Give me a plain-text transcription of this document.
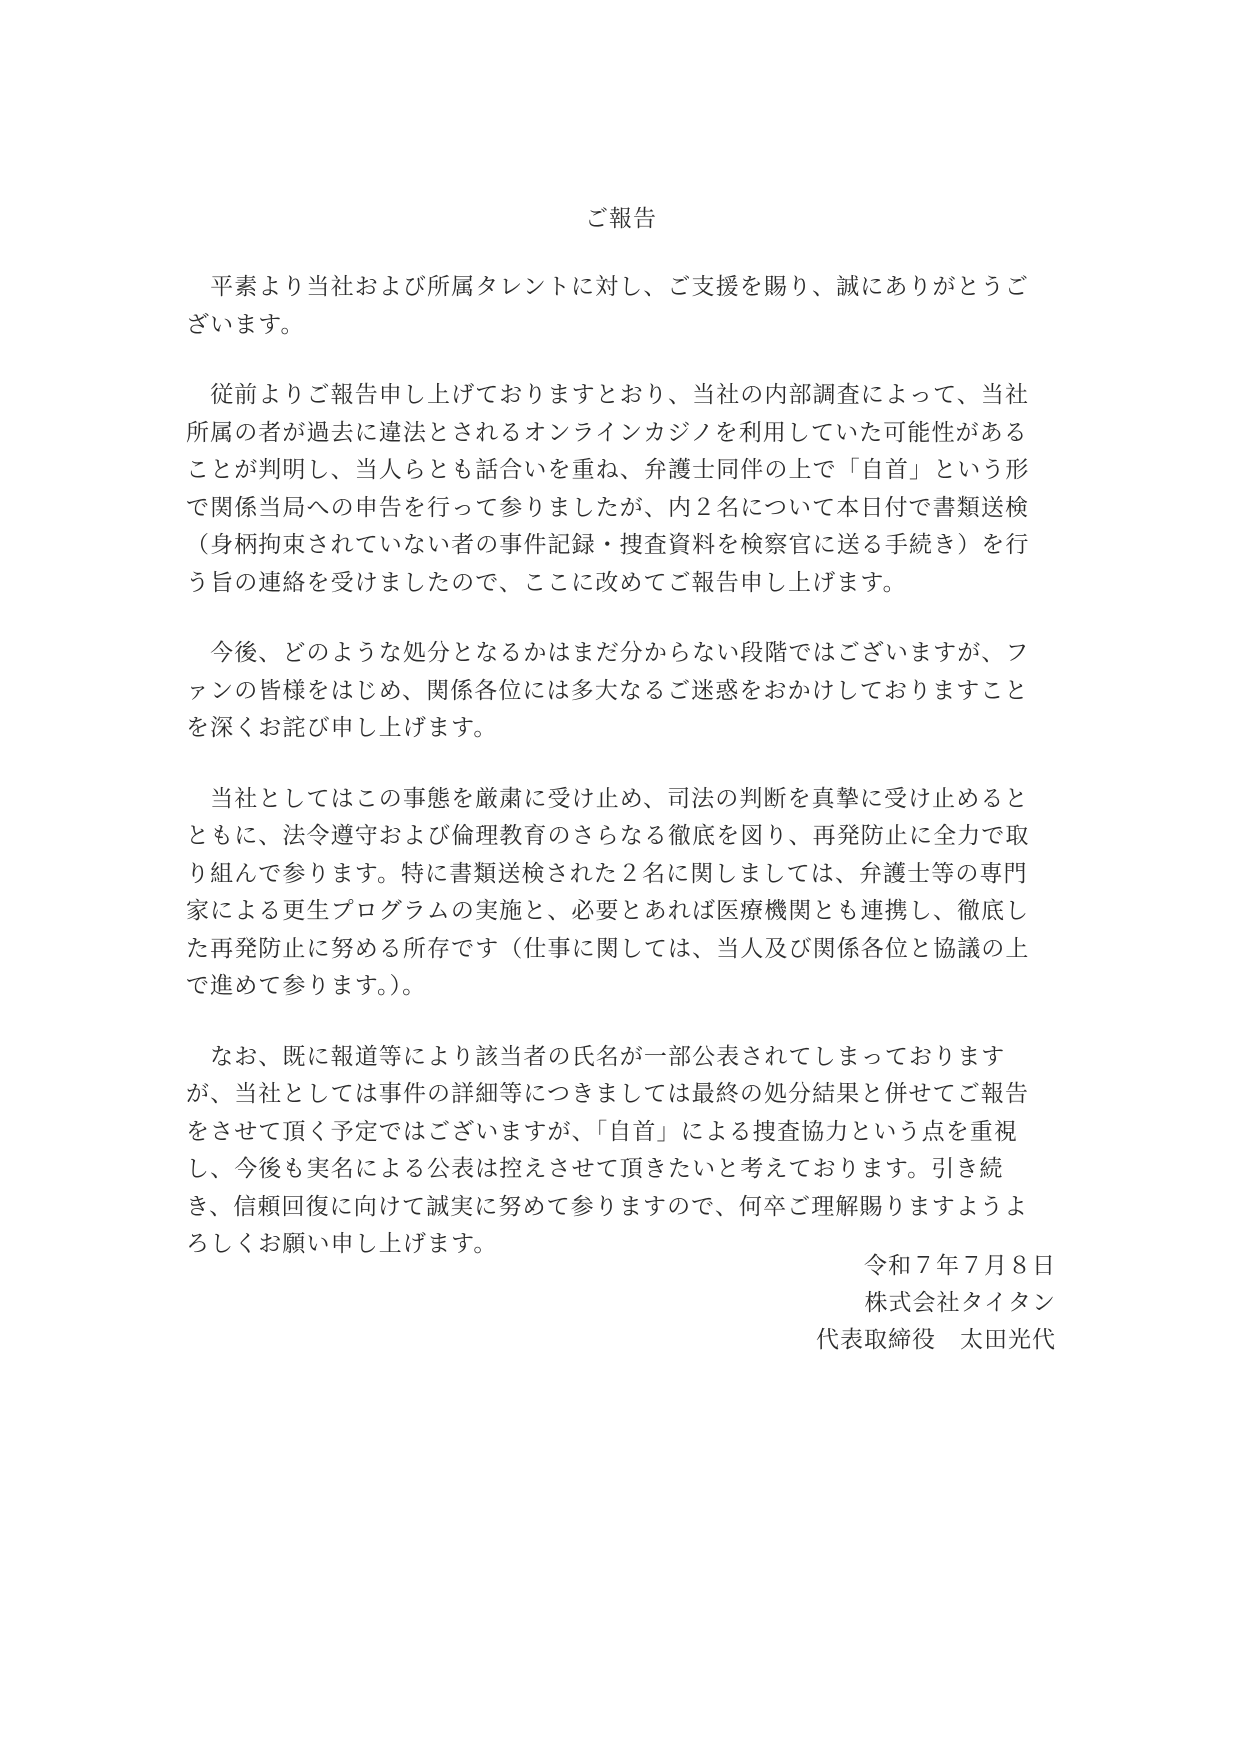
ご報告
　平素より当社および所属タレントに対し、ご支援を賜り、誠にありがとうご
ざいます。
　従前よりご報告申し上げておりますとおり、当社の内部調査によって、当社
所属の者が過去に違法とされるオンラインカジノを利用していた可能性がある
ことが判明し、当人らとも話合いを重ね、弁護士同伴の上で「自首」という形
で関係当局への申告を行って参りましたが、内２名について本日付で書類送検
（身柄拘束されていない者の事件記録・捜査資料を検察官に送る手続き）を行
う旨の連絡を受けましたので、ここに改めてご報告申し上げます。
　今後、どのような処分となるかはまだ分からない段階ではございますが、フ
ァンの皆様をはじめ、関係各位には多大なるご迷惑をおかけしておりますこと
を深くお詫び申し上げます。
　当社としてはこの事態を厳粛に受け止め、司法の判断を真摯に受け止めると
ともに、法令遵守および倫理教育のさらなる徹底を図り、再発防止に全力で取
り組んで参ります。特に書類送検された２名に関しましては、弁護士等の専門
家による更生プログラムの実施と、必要とあれば医療機関とも連携し、徹底し
た再発防止に努める所存です（仕事に関しては、当人及び関係各位と協議の上
で進めて参ります。）。
　なお、既に報道等により該当者の氏名が一部公表されてしまっております
が、当社としては事件の詳細等につきましては最終の処分結果と併せてご報告
をさせて頂く予定ではございますが、「自首」による捜査協力という点を重視
し、今後も実名による公表は控えさせて頂きたいと考えております。引き続
き、信頼回復に向けて誠実に努めて参りますので、何卒ご理解賜りますようよ
ろしくお願い申し上げます。
令和７年７月８日
株式会社タイタン
代表取締役　太田光代
